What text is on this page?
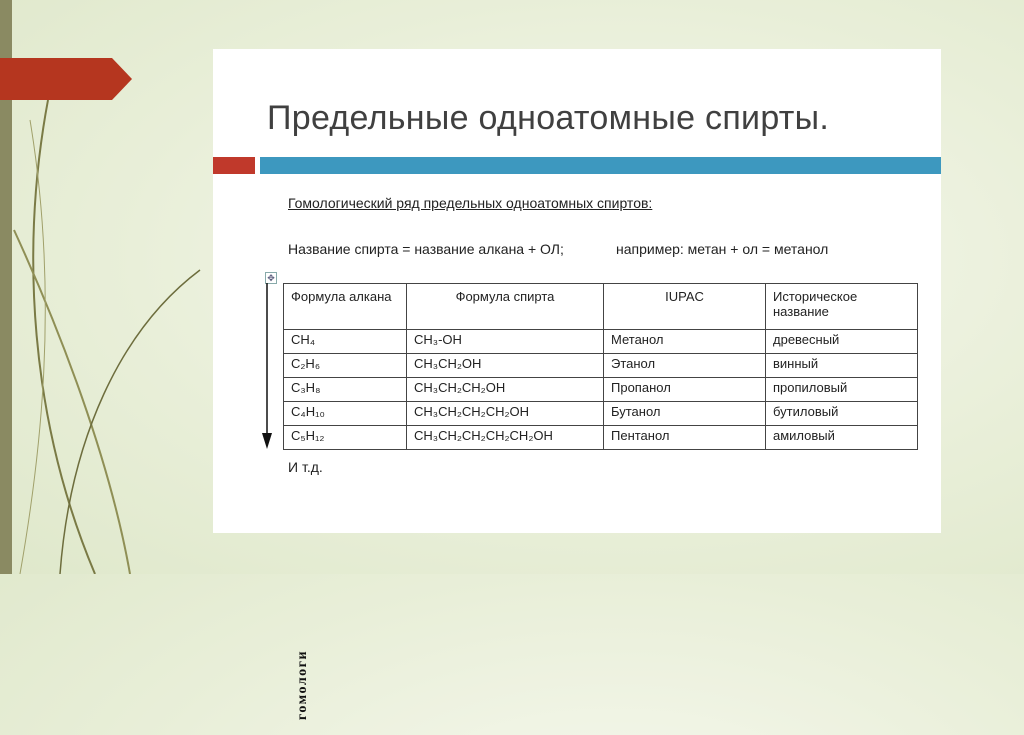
Предельные одноатомные спирты.
Гомологический ряд предельных одноатомных спиртов:
Название спирта = название алкана + ОЛ;	например: метан + ол = метанол
✥
гомологи
Формула алкана	Формула спирта	IUPAC	Историческое название
CH₄	CH₃-OH	Метанол	древесный
C₂H₆	CH₃CH₂OH	Этанол	винный
C₃H₈	CH₃CH₂CH₂OH	Пропанол	пропиловый
C₄H₁₀	CH₃CH₂CH₂CH₂OH	Бутанол	бутиловый
C₅H₁₂	CH₃CH₂CH₂CH₂CH₂OH	Пентанол	амиловый
И т.д.
